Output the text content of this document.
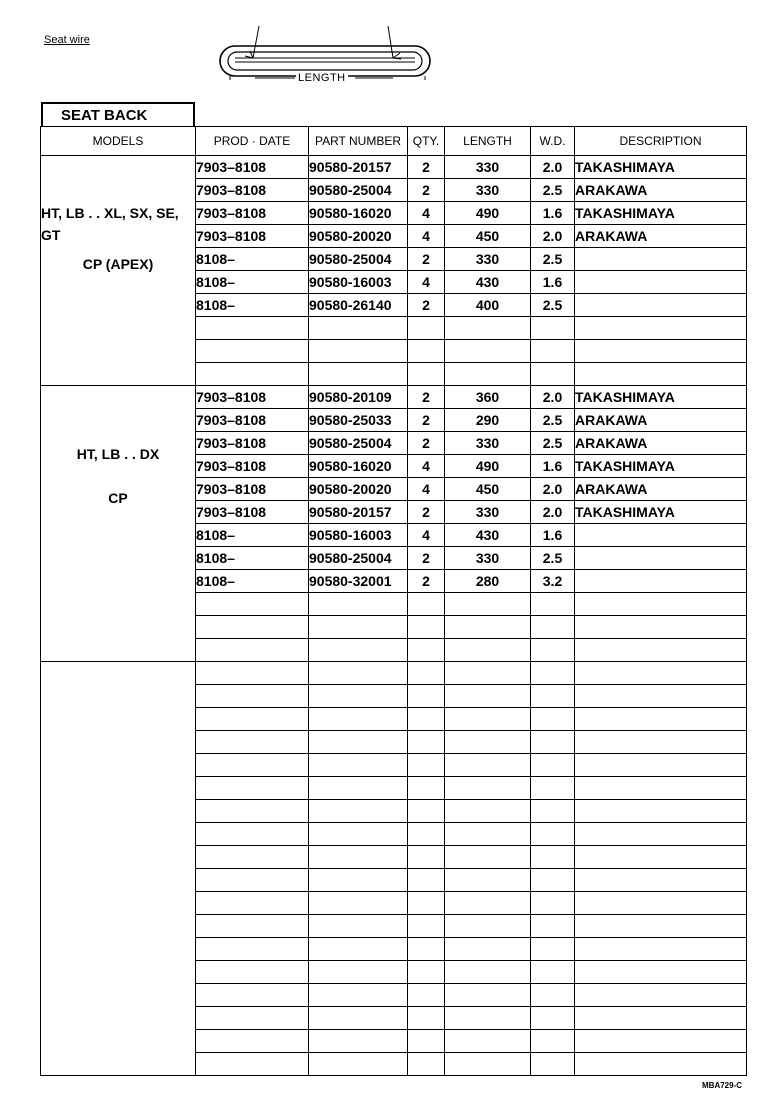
Seat wire
LENGTH
SEAT BACK
MODELS	PROD · DATE	PART NUMBER	QTY.	LENGTH	W.D.	DESCRIPTION

HT, LB . . XL, SX, SE,
GT
CP (APEX)	7903–8108	90580-20157	2	330	2.0	TAKASHIMAYA
	7903–8108	90580-25004	2	330	2.5	ARAKAWA
	7903–8108	90580-16020	4	490	1.6	TAKASHIMAYA
	7903–8108	90580-20020	4	450	2.0	ARAKAWA
	8108–	90580-25004	2	330	2.5	
	8108–	90580-16003	4	430	1.6	
	8108–	90580-26140	2	400	2.5	

HT, LB . . DX
CP	7903–8108	90580-20109	2	360	2.0	TAKASHIMAYA
	7903–8108	90580-25033	2	290	2.5	ARAKAWA
	7903–8108	90580-25004	2	330	2.5	ARAKAWA
	7903–8108	90580-16020	4	490	1.6	TAKASHIMAYA
	7903–8108	90580-20020	4	450	2.0	ARAKAWA
	7903–8108	90580-20157	2	330	2.0	TAKASHIMAYA
	8108–	90580-16003	4	430	1.6	
	8108–	90580-25004	2	330	2.5	
	8108–	90580-32001	2	280	3.2	

MBA729-C
